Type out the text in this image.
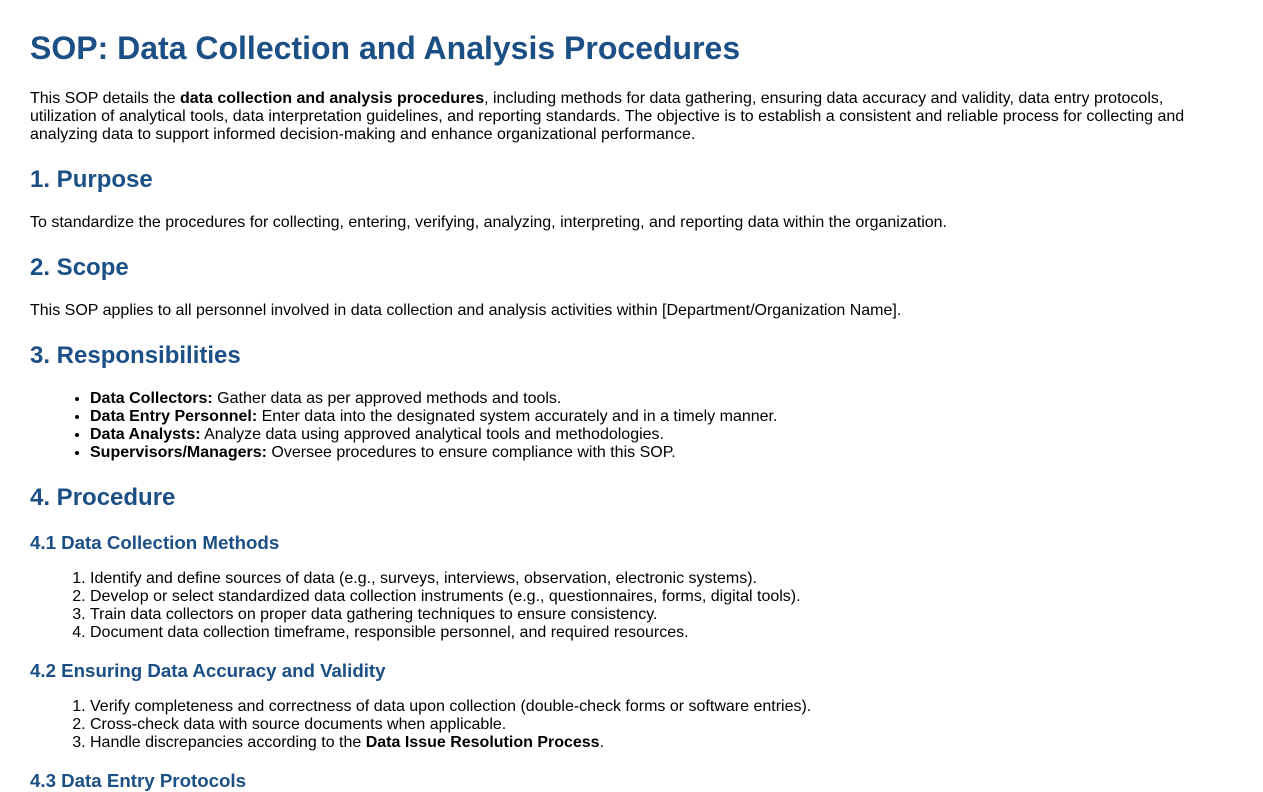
SOP: Data Collection and Analysis Procedures

This SOP details the data collection and analysis procedures, including methods for data gathering, ensuring data accuracy and validity, data entry protocols, utilization of analytical tools, data interpretation guidelines, and reporting standards. The objective is to establish a consistent and reliable process for collecting and analyzing data to support informed decision-making and enhance organizational performance.

1. Purpose

To standardize the procedures for collecting, entering, verifying, analyzing, interpreting, and reporting data within the organization.

2. Scope

This SOP applies to all personnel involved in data collection and analysis activities within [Department/Organization Name].

3. Responsibilities
• Data Collectors: Gather data as per approved methods and tools.
• Data Entry Personnel: Enter data into the designated system accurately and in a timely manner.
• Data Analysts: Analyze data using approved analytical tools and methodologies.
• Supervisors/Managers: Oversee procedures to ensure compliance with this SOP.
4. Procedure
4.1 Data Collection Methods
1. Identify and define sources of data (e.g., surveys, interviews, observation, electronic systems).
2. Develop or select standardized data collection instruments (e.g., questionnaires, forms, digital tools).
3. Train data collectors on proper data gathering techniques to ensure consistency.
4. Document data collection timeframe, responsible personnel, and required resources.
4.2 Ensuring Data Accuracy and Validity
1. Verify completeness and correctness of data upon collection (double-check forms or software entries).
2. Cross-check data with source documents when applicable.
3. Handle discrepancies according to the Data Issue Resolution Process.
4.3 Data Entry Protocols
